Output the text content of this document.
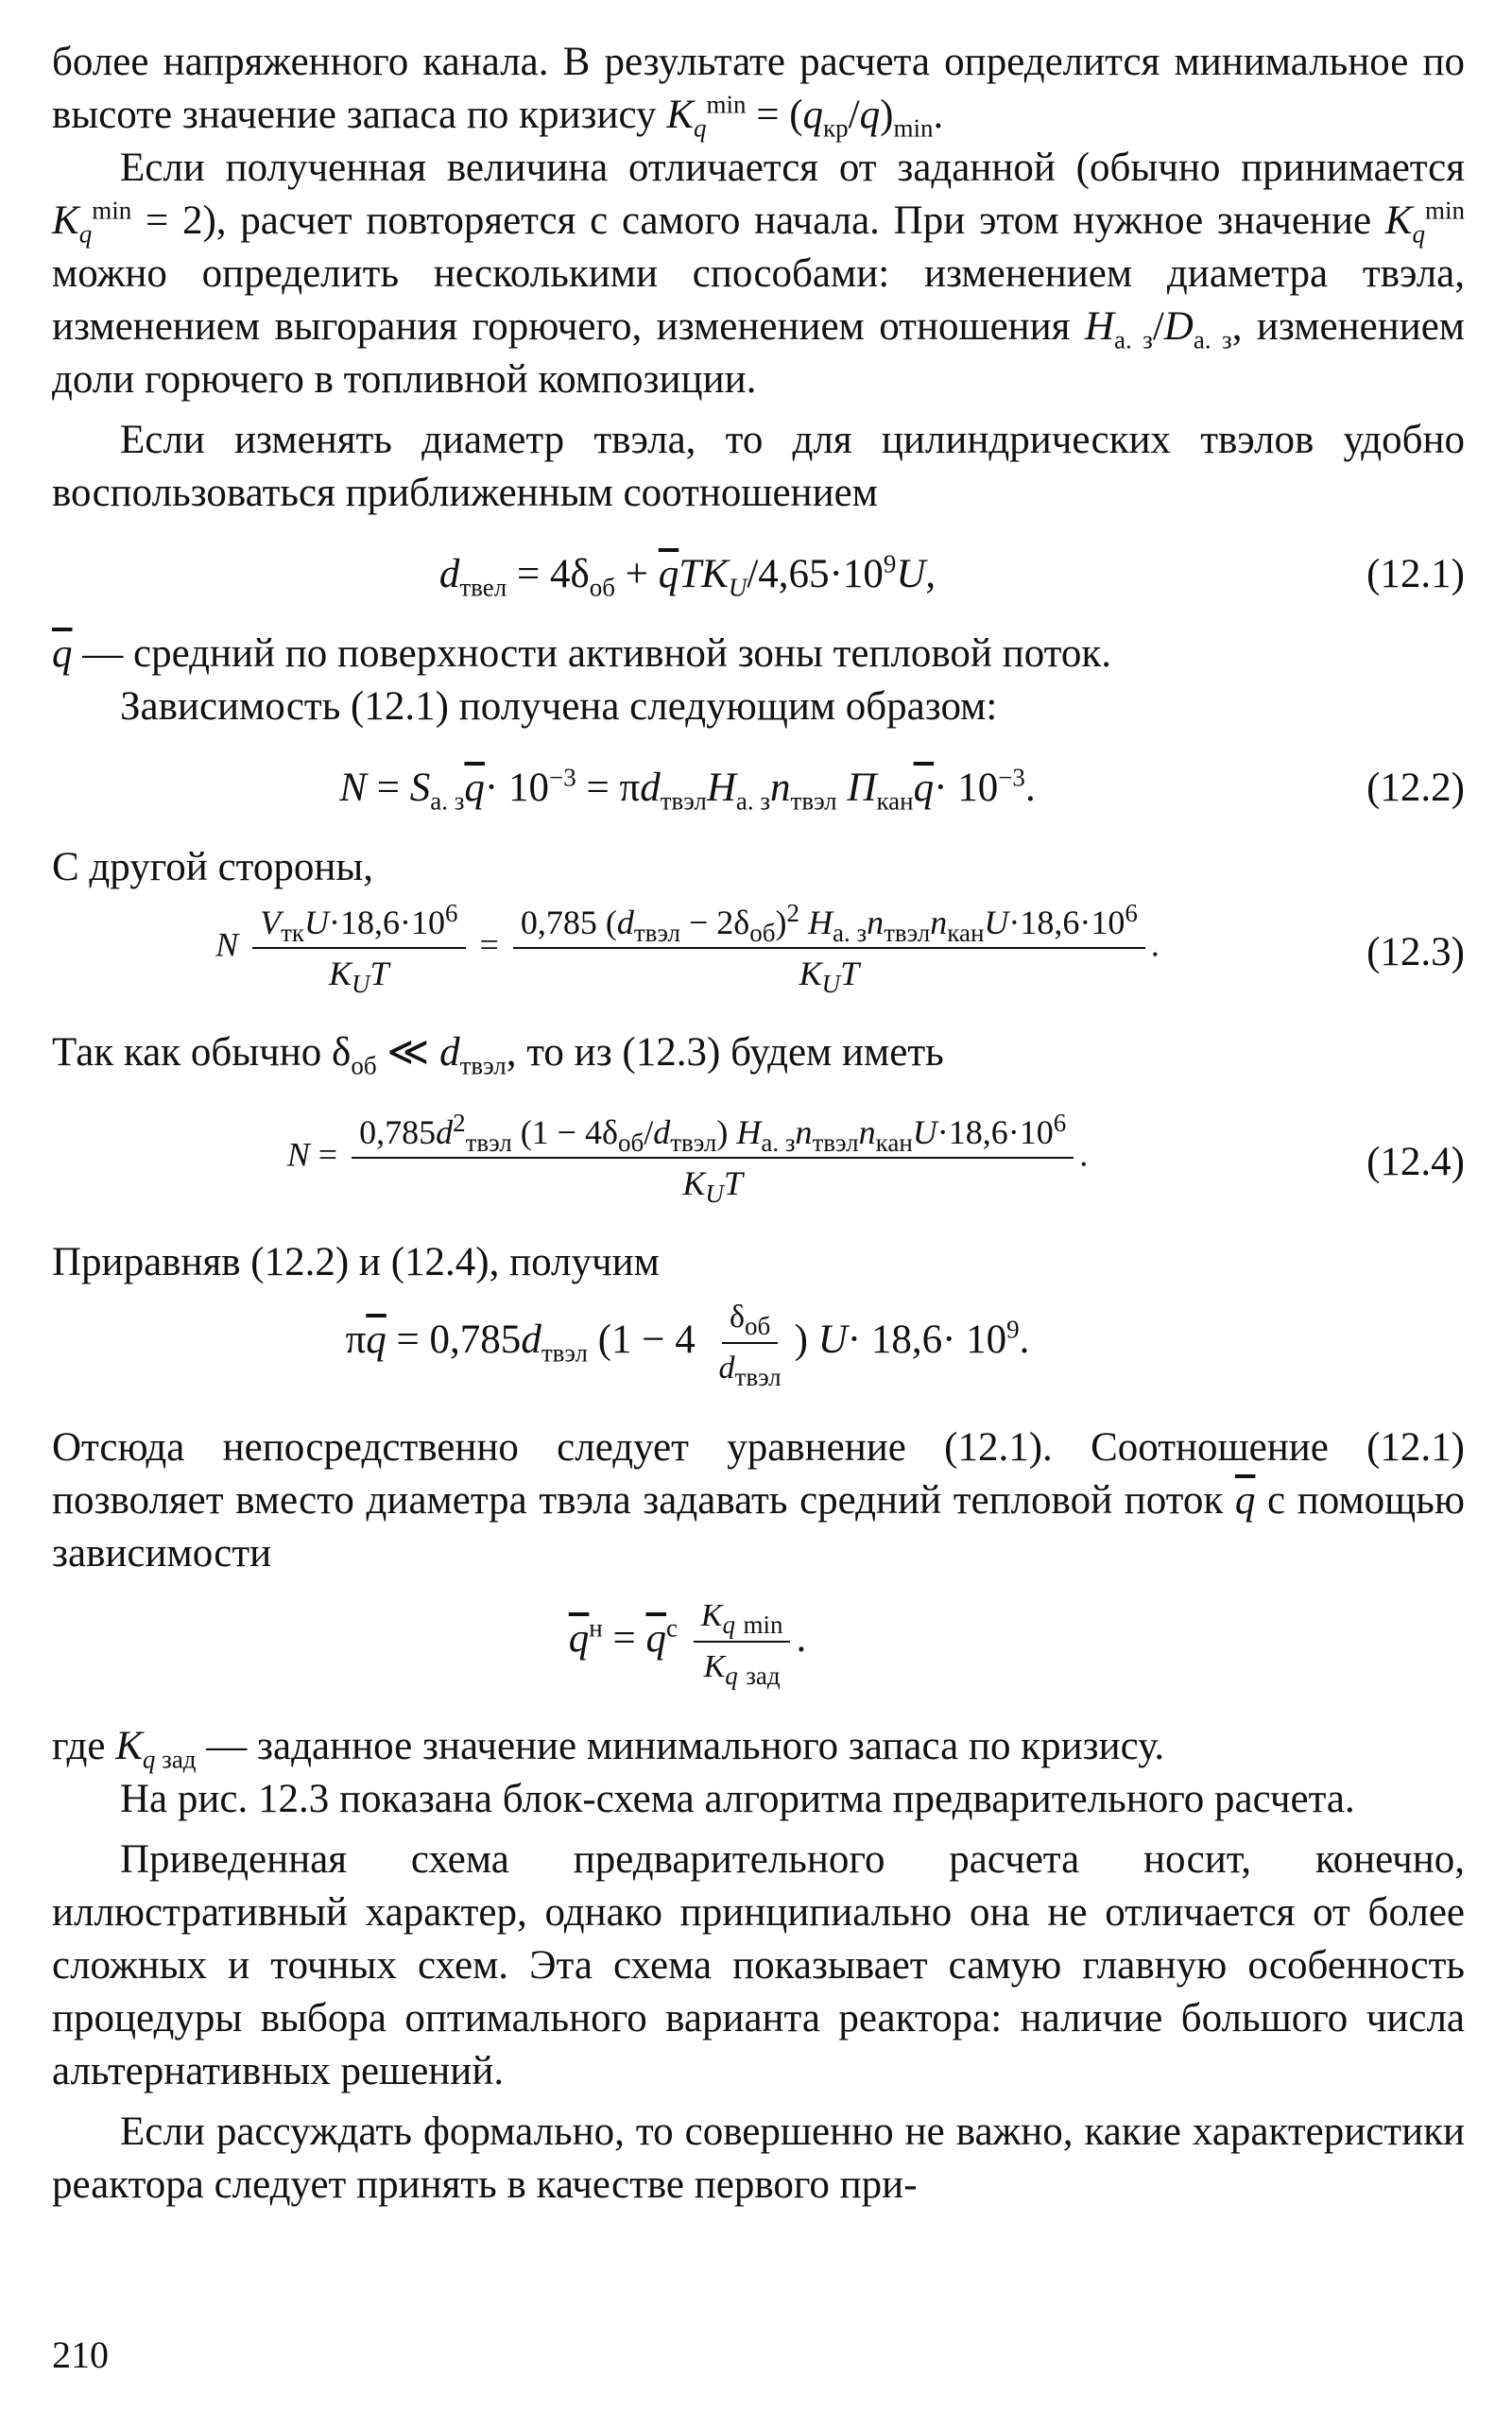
более напряженного канала. В результате расчета определится минимальное по высоте значение запаса по кризису $K_q^{min} = (q_{кр}/q)_{min}$.

Если полученная величина отличается от заданной (обычно принимается $K_q^{min} = 2$), расчет повторяется с самого начала. При этом нужное значение $K_q^{min}$ можно определить несколькими способами: изменением диаметра твэла, изменением выгорания горючего, изменением отношения $H_{а. з}/D_{а. з}$, изменением доли горючего в топливной композиции.

Если изменять диаметр твэла, то для цилиндрических твэлов удобно воспользоваться приближенным соотношением

$d_{твел} = 4\delta_{об} + \overline{q}TK_U/4,65\cdot 10^9U$,	(12.1)

$\overline{q}$ — средний по поверхности активной зоны тепловой поток.

Зависимость (12.1) получена следующим образом:

$N = S_{а. з}\overline{q}\cdot 10^{-3} = \pi d_{твэл}H_{а. з}n_{твэл}$ $П_{кан}\overline{q}\cdot 10^{-3}$.	(12.2)

С другой стороны,

N $\frac{V_{тк}U\cdot 18,6\cdot 10^6}{K_UT} = \frac{0,785 (d_{твэл} - 2\delta_{об})^2 H_{а. з}n_{твэл}n_{кан}U\cdot 18,6\cdot 10^6}{K_UT}$ .	(12.3)

Так как обычно $\delta_{об}$ ≪ $d_{твэл}$, то из (12.3) будем иметь

$N = \frac{0,785d^2_{твэл} (1 - 4\delta_{об}/d_{твэл}) H_{а. з}n_{твэл}n_{кан}U\cdot 18,6\cdot 10^6}{K_UT}$ .	(12.4)

Приравняв (12.2) и (12.4), получим

$\pi\overline{q} = 0,785d_{твэл}$ ($1 - 4 \frac{\delta_{об}}{d_{твэл}}$ ) $U\cdot 18,6\cdot 10^9$.

Отсюда непосредственно следует уравнение (12.1). Соотношение (12.1) позволяет вместо диаметра твэла задавать средний тепловой поток $\overline{q}$ с помощью зависимости

$\overline{q}^н = \overline{q}^с \frac{K_q _{min}}{K_q _{зад}}$ .

где $K_q$ $_{зад}$ — заданное значение минимального запаса по кризису.

На рис. 12.3 показана блок-схема алгоритма предварительного расчета.

Приведенная схема предварительного расчета носит, конечно, иллюстративный характер, однако принципиально она не отличается от более сложных и точных схем. Эта схема показывает самую главную особенность процедуры выбора оптимального варианта реактора: наличие большого числа альтернативных решений.

Если рассуждать формально, то совершенно не важно, какие характеристики реактора следует принять в качестве первого при-

210
